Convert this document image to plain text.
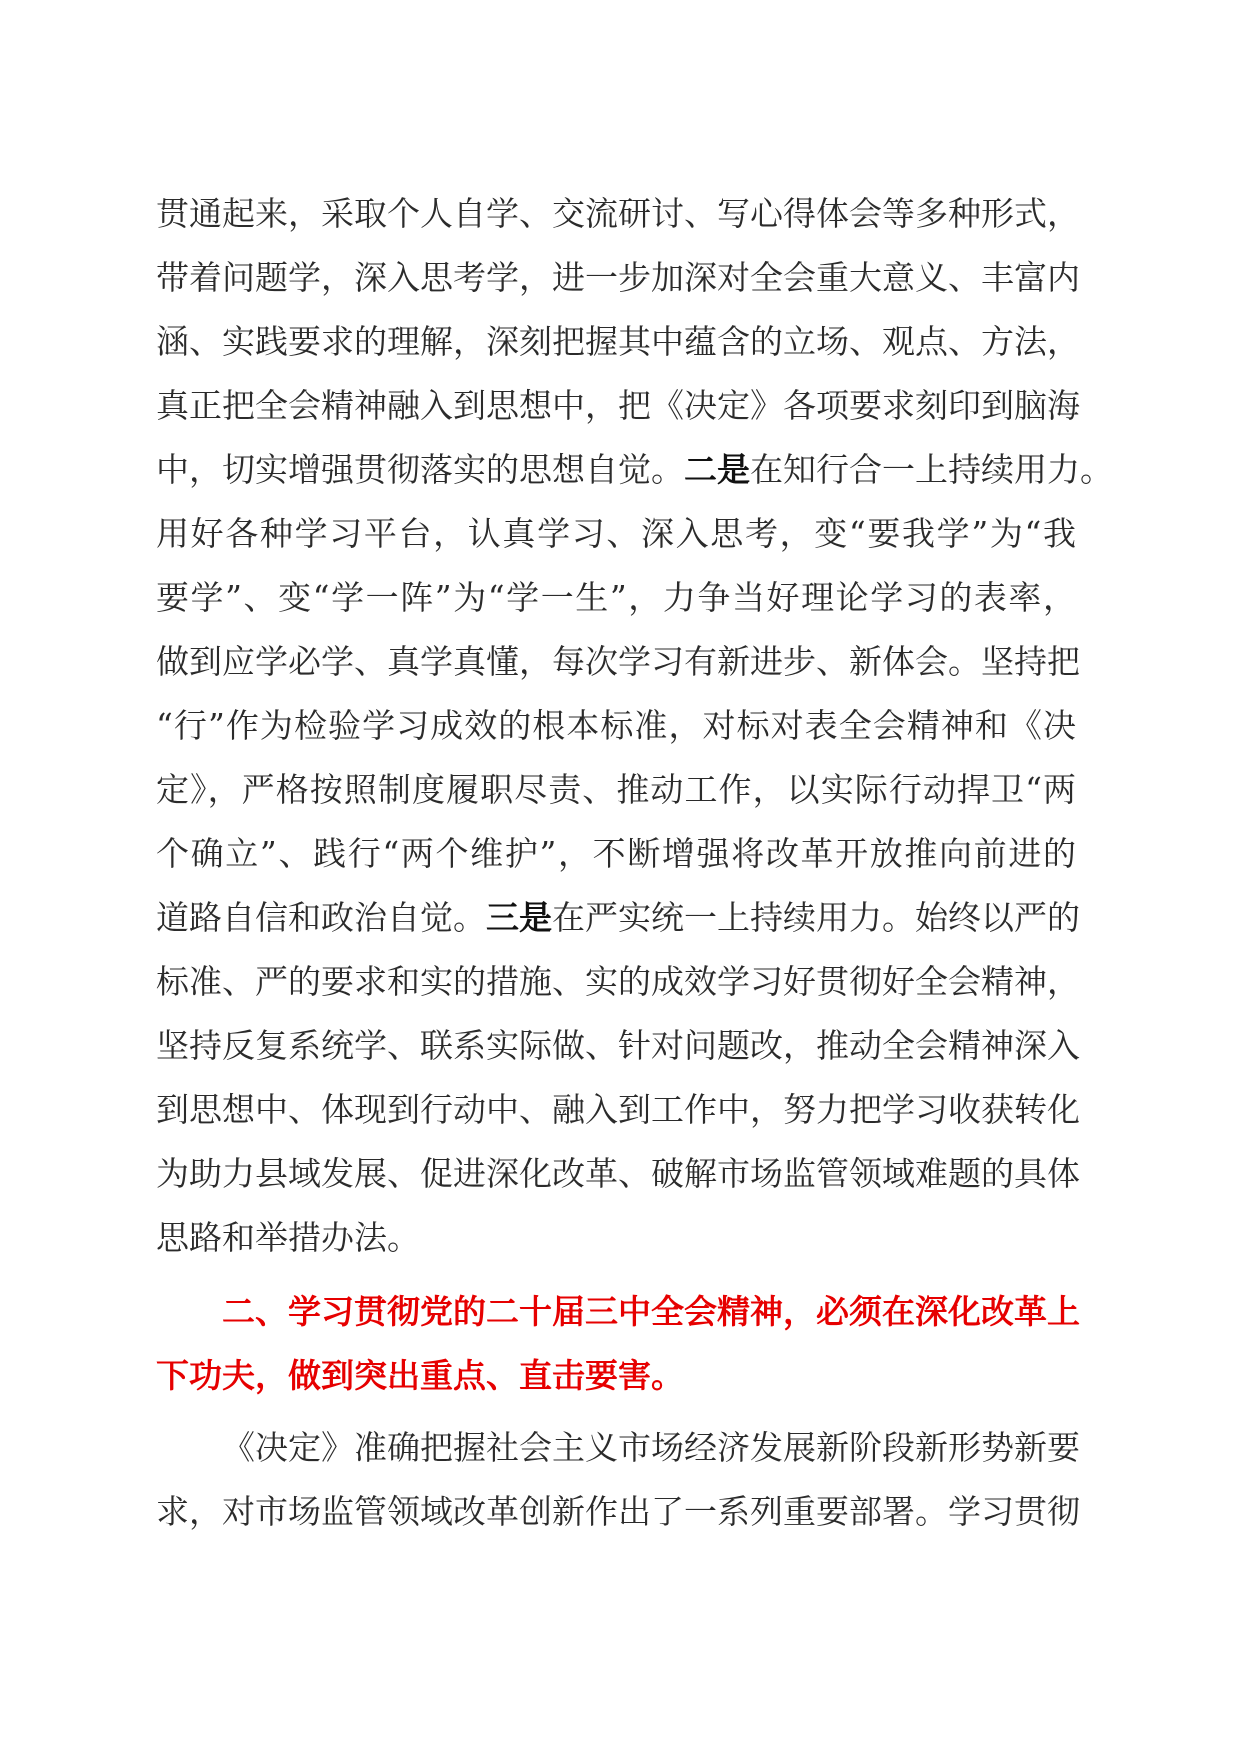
贯通起来，采取个人自学、交流研讨、写心得体会等多种形式，
带着问题学，深入思考学，进一步加深对全会重大意义、丰富内
涵、实践要求的理解，深刻把握其中蕴含的立场、观点、方法，
真正把全会精神融入到思想中，把《决定》各项要求刻印到脑海
中，切实增强贯彻落实的思想自觉。二是在知行合一上持续用力。
用好各种学习平台，认真学习、深入思考，变“要我学”为“我
要学”、变“学一阵”为“学一生”，力争当好理论学习的表率，
做到应学必学、真学真懂，每次学习有新进步、新体会。坚持把
“行”作为检验学习成效的根本标准，对标对表全会精神和《决
定》，严格按照制度履职尽责、推动工作，以实际行动捍卫“两
个确立”、践行“两个维护”，不断增强将改革开放推向前进的
道路自信和政治自觉。三是在严实统一上持续用力。始终以严的
标准、严的要求和实的措施、实的成效学习好贯彻好全会精神，
坚持反复系统学、联系实际做、针对问题改，推动全会精神深入
到思想中、体现到行动中、融入到工作中，努力把学习收获转化
为助力县域发展、促进深化改革、破解市场监管领域难题的具体
思路和举措办法。
二、学习贯彻党的二十届三中全会精神，必须在深化改革上
下功夫，做到突出重点、直击要害。
《决定》准确把握社会主义市场经济发展新阶段新形势新要
求，对市场监管领域改革创新作出了一系列重要部署。学习贯彻
